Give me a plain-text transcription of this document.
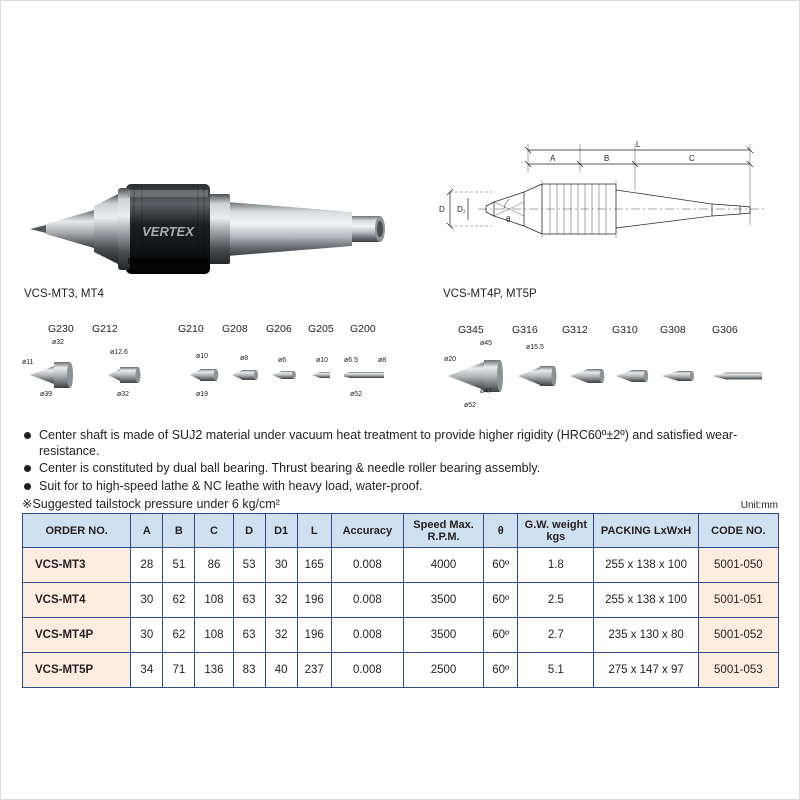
VERTEX
VCS-MT3, MT4	VCS-MT4P, MT5P
A	B	C
L
D D₁
θ
G230 G212	G210 G208 G206 G205 G200
ø32
ø11
ø39
ø12.6
ø32
ø10
ø19
ø8	ø6	ø10 ø6.5	ø8
ø52
G345	G316 G312 G310 G308	G306
ø45
ø20
ø47
ø52
ø15.5
Center shaft is made of SUJ2 material under vacuum heat treatment to provide higher rigidity (HRC60º±2º) and satisfied wear-resistance.
Center is constituted by dual ball bearing. Thrust bearing & needle roller bearing assembly.
Suit for to high-speed lathe & NC leathe with heavy load, water-proof.
※Suggested tailstock pressure under 6 kg/cm²	Unit:mm
ORDER NO.	A	B	C	D	D1	L	Accuracy	Speed Max. R.P.M.	θ	G.W. weight kgs	PACKING LxWxH	CODE NO.
VCS-MT3	28	51	86	53	30	165	0.008	4000	60º	1.8	255 x 138 x 100	5001-050
VCS-MT4	30	62	108	63	32	196	0.008	3500	60º	2.5	255 x 138 x 100	5001-051
VCS-MT4P	30	62	108	63	32	196	0.008	3500	60º	2.7	235 x 130 x 80	5001-052
VCS-MT5P	34	71	136	83	40	237	0.008	2500	60º	5.1	275 x 147 x 97	5001-053
